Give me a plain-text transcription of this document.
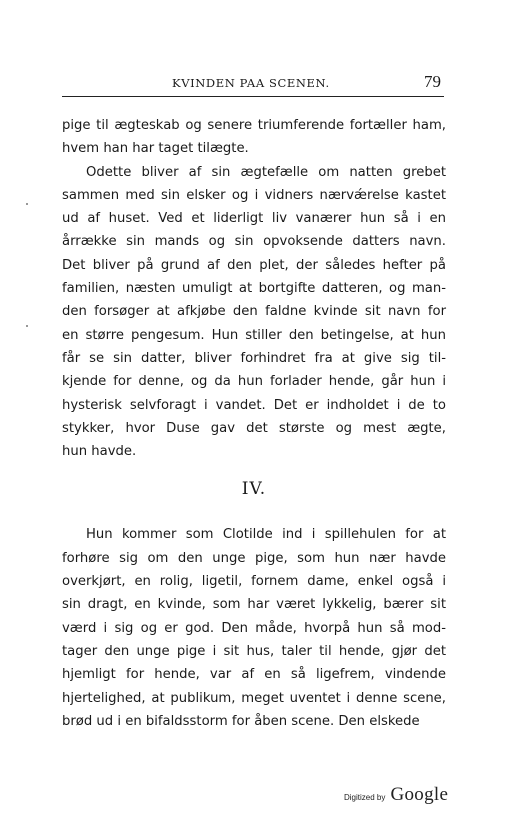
KVINDEN PAA SCENEN.	79
pige til ægteskab og senere triumferende fortæller ham,
hvem han har taget tilægte.
Odette bliver af sin ægtefælle om natten grebet
sammen med sin elsker og i vidners nærvǽrelse kastet
ud af huset. Ved et liderligt liv vanærer hun så i en
årrække sin mands og sin opvoksende datters navn.
Det bliver på grund af den plet, der således hefter på
familien, næsten umuligt at bortgifte datteren, og man-
den forsøger at afkjøbe den faldne kvinde sit navn for
en større pengesum. Hun stiller den betingelse, at hun
får se sin datter, bliver forhindret fra at give sig til-
kjende for denne, og da hun forlader hende, går hun i
hysterisk selvforagt i vandet. Det er indholdet i de to
stykker, hvor Duse gav det største og mest ægte,
hun havde.
IV.
Hun kommer som Clotilde ind i spillehulen for at
forhøre sig om den unge pige, som hun nær havde
overkjørt, en rolig, ligetil, fornem dame, enkel også i
sin dragt, en kvinde, som har været lykkelig, bærer sit
værd i sig og er god. Den måde, hvorpå hun så mod-
tager den unge pige i sit hus, taler til hende, gjør det
hjemligt for hende, var af en så ligefrem, vindende
hjertelighed, at publikum, meget uventet i denne scene,
brød ud i en bifaldsstorm for åben scene. Den elskede
Digitized by Google
